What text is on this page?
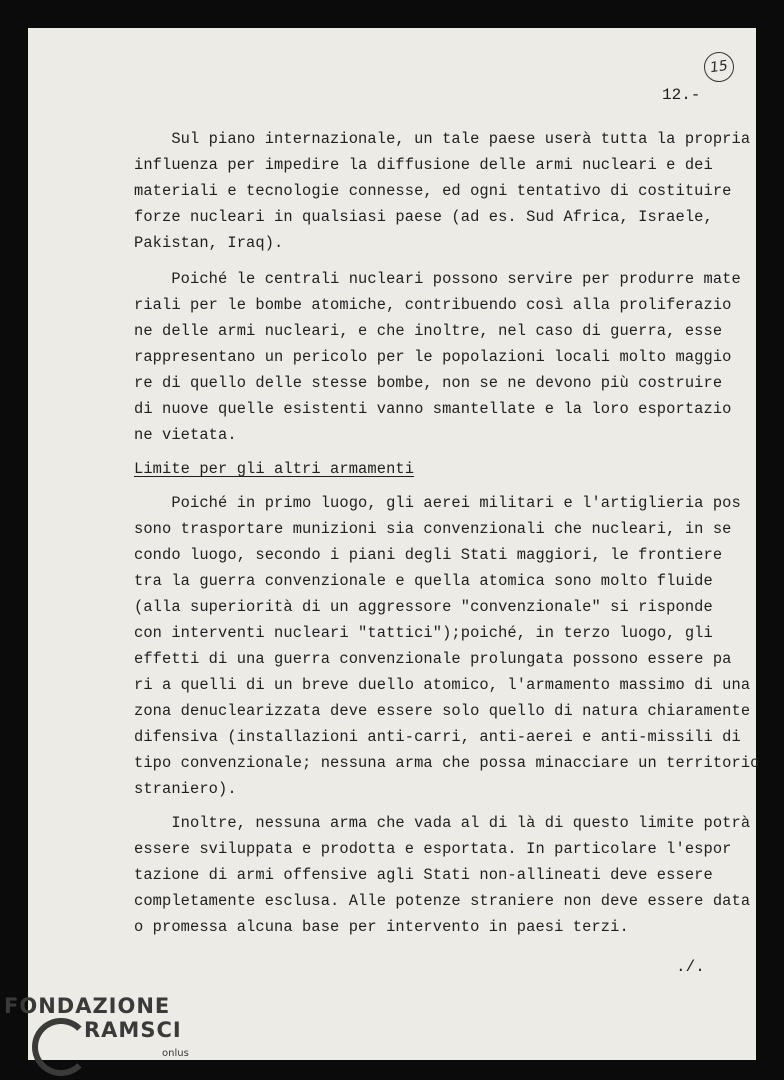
15
12.-
Sul piano internazionale, un tale paese userà tutta la propria
influenza per impedire la diffusione delle armi nucleari e dei
materiali e tecnologie connesse, ed ogni tentativo di costituire
forze nucleari in qualsiasi paese (ad es. Sud Africa, Israele,
Pakistan, Iraq).
Poiché le centrali nucleari possono servire per produrre mate
riali per le bombe atomiche, contribuendo così alla proliferazio
ne delle armi nucleari, e che inoltre, nel caso di guerra, esse
rappresentano un pericolo per le popolazioni locali molto maggio
re di quello delle stesse bombe, non se ne devono più costruire
di nuove quelle esistenti vanno smantellate e la loro esportazio
ne vietata.
Limite per gli altri armamenti
Poiché in primo luogo, gli aerei militari e l'artiglieria pos
sono trasportare munizioni sia convenzionali che nucleari, in se
condo luogo, secondo i piani degli Stati maggiori, le frontiere
tra la guerra convenzionale e quella atomica sono molto fluide
(alla superiorità di un aggressore "convenzionale" si risponde
con interventi nucleari "tattici");poiché, in terzo luogo, gli
effetti di una guerra convenzionale prolungata possono essere pa
ri a quelli di un breve duello atomico, l'armamento massimo di una
zona denuclearizzata deve essere solo quello di natura chiaramente
difensiva (installazioni anti-carri, anti-aerei e anti-missili di
tipo convenzionale; nessuna arma che possa minacciare un territorio
straniero).
Inoltre, nessuna arma che vada al di là di questo limite potrà
essere sviluppata e prodotta e esportata. In particolare l'espor
tazione di armi offensive agli Stati non-allineati deve essere
completamente esclusa. Alle potenze straniere non deve essere data
o promessa alcuna base per intervento in paesi terzi.
./.
FONDAZIONE
RAMSCI
onlus
